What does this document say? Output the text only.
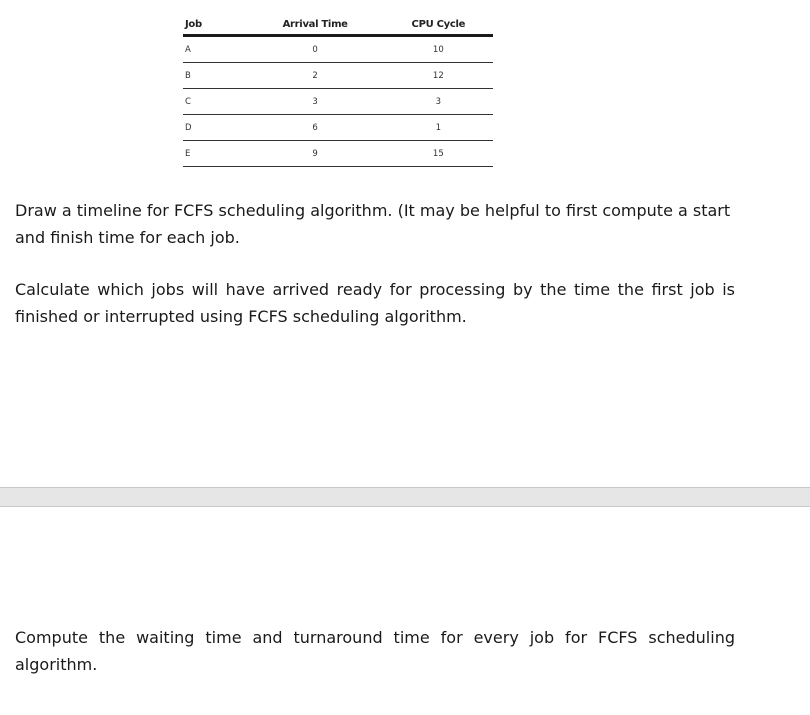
Job	Arrival Time	CPU Cycle
A	0	10
B	2	12
C	3	3
D	6	1
E	9	15

Draw a timeline for FCFS scheduling algorithm. (It may be helpful to first compute a start and finish time for each job.

Calculate which jobs will have arrived ready for processing by the time the first job is finished or interrupted using FCFS scheduling algorithm.

Compute the waiting time and turnaround time for every job for FCFS scheduling algorithm.
